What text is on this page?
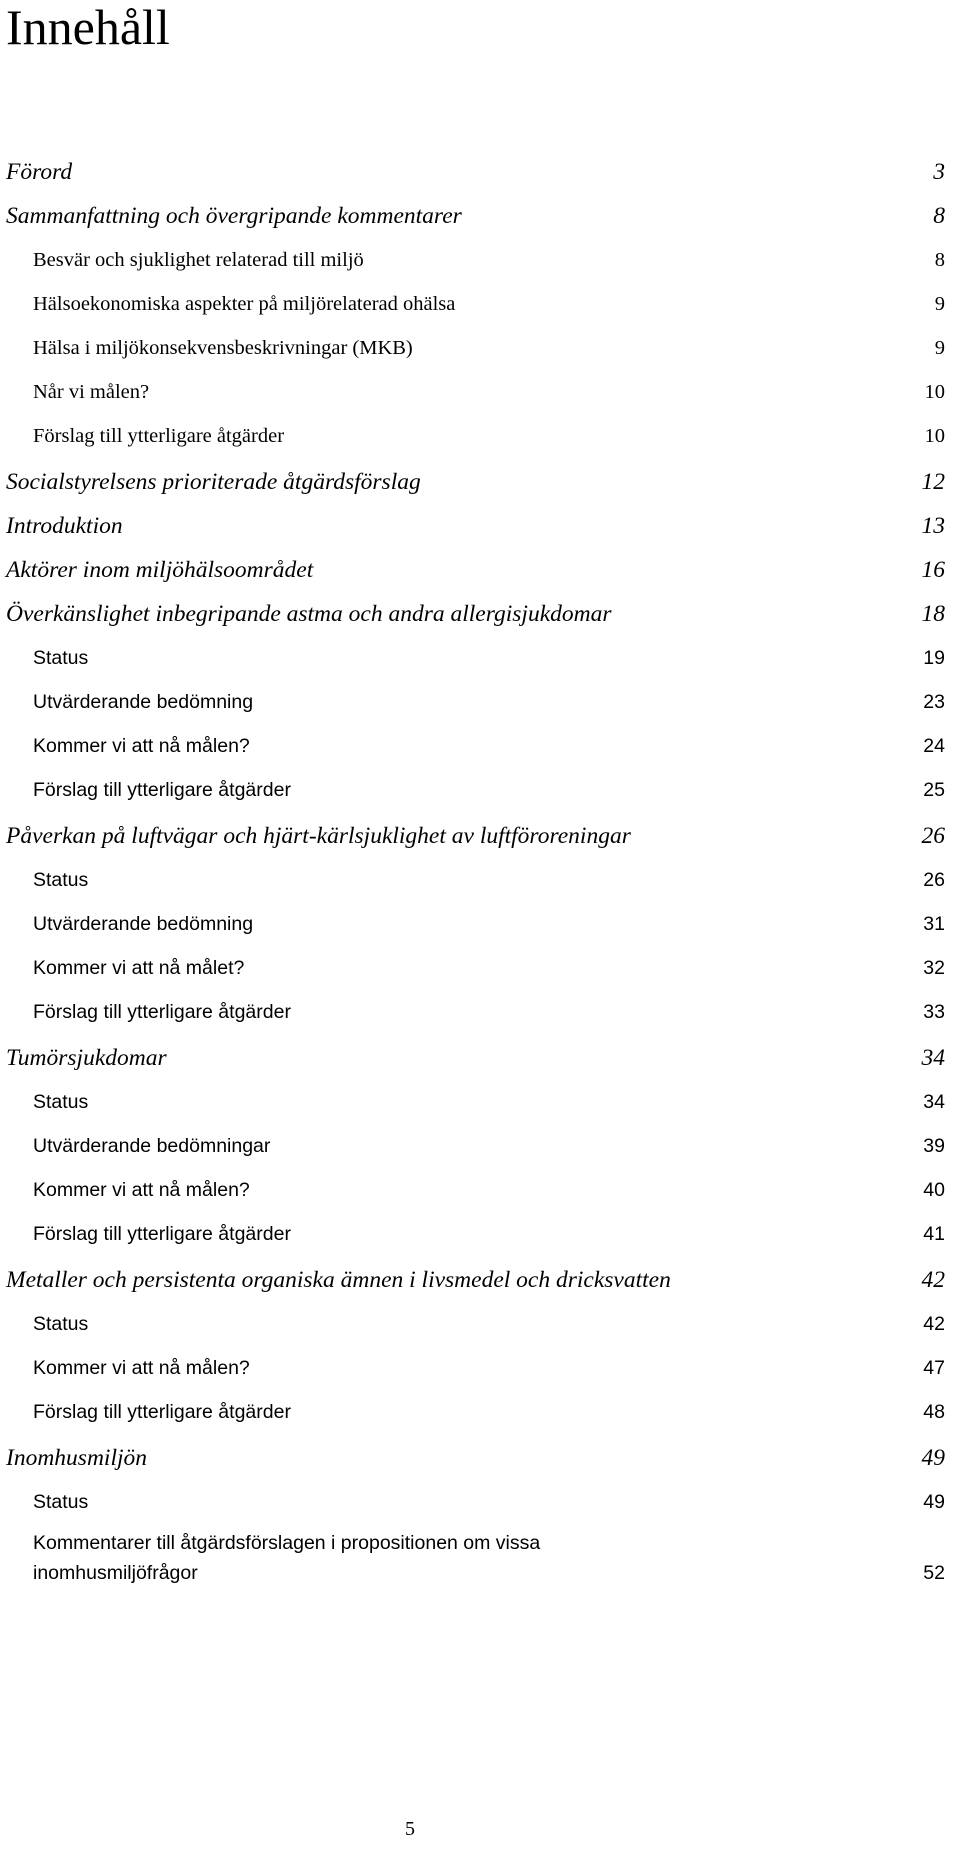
Innehåll
Förord	3
Sammanfattning och övergripande kommentarer	8
Besvär och sjuklighet relaterad till miljö	8
Hälsoekonomiska aspekter på miljörelaterad ohälsa	9
Hälsa i miljökonsekvensbeskrivningar (MKB)	9
Når vi målen?	10
Förslag till ytterligare åtgärder	10
Socialstyrelsens prioriterade åtgärdsförslag	12
Introduktion	13
Aktörer inom miljöhälsoområdet	16
Överkänslighet inbegripande astma och andra allergisjukdomar	18
Status	19
Utvärderande bedömning	23
Kommer vi att nå målen?	24
Förslag till ytterligare åtgärder	25
Påverkan på luftvägar och hjärt-kärlsjuklighet av luftföroreningar	26
Status	26
Utvärderande bedömning	31
Kommer vi att nå målet?	32
Förslag till ytterligare åtgärder	33
Tumörsjukdomar	34
Status	34
Utvärderande bedömningar	39
Kommer vi att nå målen?	40
Förslag till ytterligare åtgärder	41
Metaller och persistenta organiska ämnen i livsmedel och dricksvatten	42
Status	42
Kommer vi att nå målen?	47
Förslag till ytterligare åtgärder	48
Inomhusmiljön	49
Status	49
Kommentarer till åtgärdsförslagen i propositionen om vissa
inomhusmiljöfrågor	52
5
